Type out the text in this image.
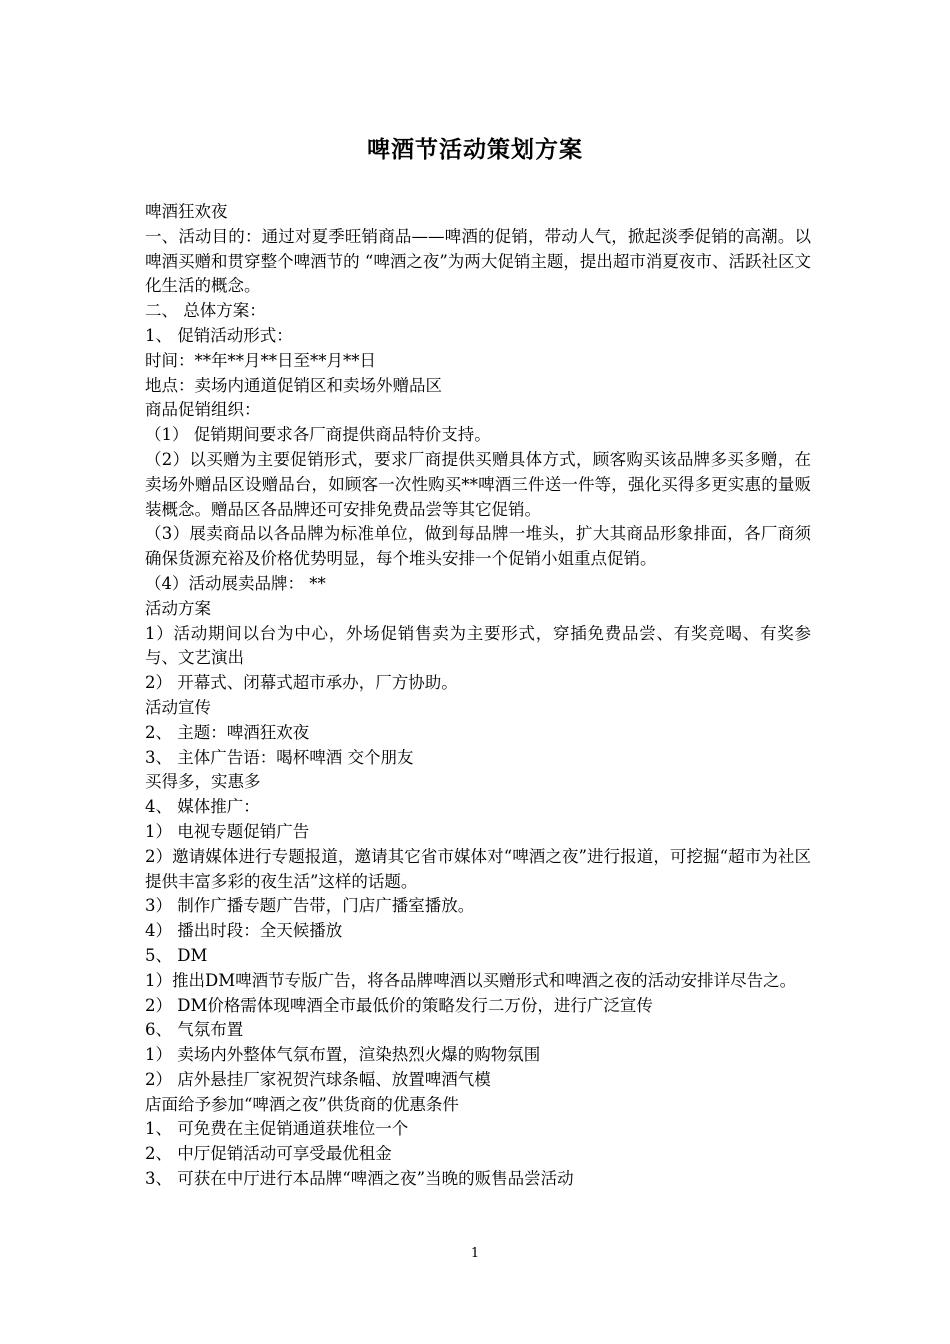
啤酒节活动策划方案

啤酒狂欢夜

一、活动目的：通过对夏季旺销商品——啤酒的促销，带动人气，掀起淡季促销的高潮。以啤酒买赠和贯穿整个啤酒节的 “啤酒之夜”为两大促销主题，提出超市消夏夜市、活跃社区文化生活的概念。

二、 总体方案：

1、 促销活动形式：

时间：**年**月**日至**月**日

地点：卖场内通道促销区和卖场外赠品区

商品促销组织：

（1） 促销期间要求各厂商提供商品特价支持。

（2）以买赠为主要促销形式，要求厂商提供买赠具体方式，顾客购买该品牌多买多赠，在卖场外赠品区设赠品台，如顾客一次性购买**啤酒三件送一件等，强化买得多更实惠的量贩装概念。赠品区各品牌还可安排免费品尝等其它促销。

（3）展卖商品以各品牌为标准单位，做到每品牌一堆头，扩大其商品形象排面，各厂商须确保货源充裕及价格优势明显，每个堆头安排一个促销小姐重点促销。

（4）活动展卖品牌： **

活动方案

1）活动期间以台为中心，外场促销售卖为主要形式，穿插免费品尝、有奖竞喝、有奖参与、文艺演出

2） 开幕式、闭幕式超市承办，厂方协助。

活动宣传

2、 主题：啤酒狂欢夜

3、 主体广告语：喝杯啤酒 交个朋友

买得多，实惠多

4、 媒体推广：

1） 电视专题促销广告

2）邀请媒体进行专题报道，邀请其它省市媒体对“啤酒之夜”进行报道，可挖掘“超市为社区提供丰富多彩的夜生活”这样的话题。

3） 制作广播专题广告带，门店广播室播放。

4） 播出时段：全天候播放

5、 DM

1）推出DM啤酒节专版广告，将各品牌啤酒以买赠形式和啤酒之夜的活动安排详尽告之。

2） DM价格需体现啤酒全市最低价的策略发行二万份，进行广泛宣传

6、 气氛布置

1） 卖场内外整体气氛布置，渲染热烈火爆的购物氛围

2） 店外悬挂厂家祝贺汽球条幅、放置啤酒气模

店面给予参加“啤酒之夜”供货商的优惠条件

1、 可免费在主促销通道获堆位一个

2、 中厅促销活动可享受最优租金

3、 可获在中厅进行本品牌“啤酒之夜”当晚的贩售品尝活动

1
